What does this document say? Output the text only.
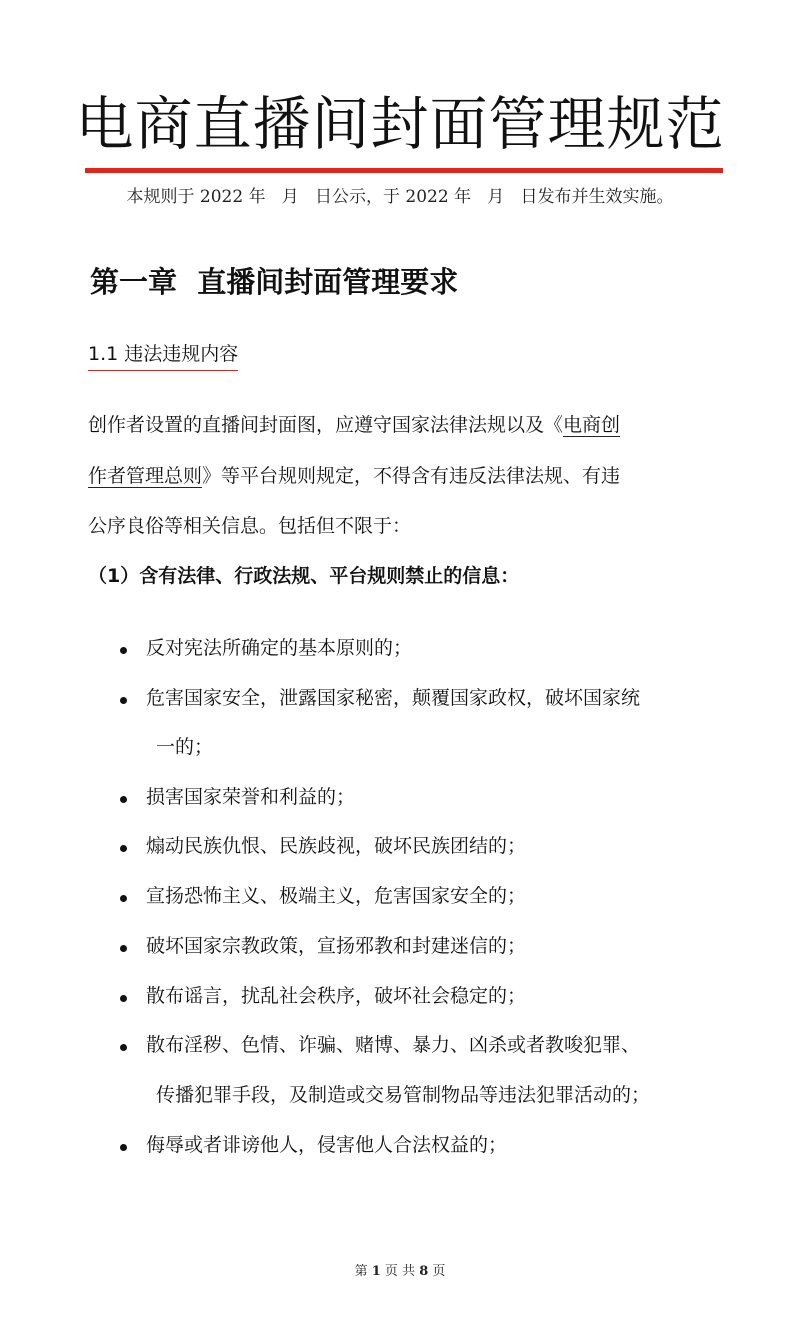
电商直播间封面管理规范
本规则于 2022 年   月   日公示，于 2022 年   月   日发布并生效实施。
第一章  直播间封面管理要求
1.1 违法违规内容
创作者设置的直播间封面图，应遵守国家法律法规以及《电商创
作者管理总则》等平台规则规定，不得含有违反法律法规、有违
公序良俗等相关信息。包括但不限于：
（1）含有法律、行政法规、平台规则禁止的信息：
反对宪法所确定的基本原则的；
危害国家安全，泄露国家秘密，颠覆国家政权，破坏国家统
一的；
损害国家荣誉和利益的；
煽动民族仇恨、民族歧视，破坏民族团结的；
宣扬恐怖主义、极端主义，危害国家安全的；
破坏国家宗教政策，宣扬邪教和封建迷信的；
散布谣言，扰乱社会秩序，破坏社会稳定的；
散布淫秽、色情、诈骗、赌博、暴力、凶杀或者教唆犯罪、
传播犯罪手段，及制造或交易管制物品等违法犯罪活动的；
侮辱或者诽谤他人，侵害他人合法权益的；
第 1 页 共 8 页
